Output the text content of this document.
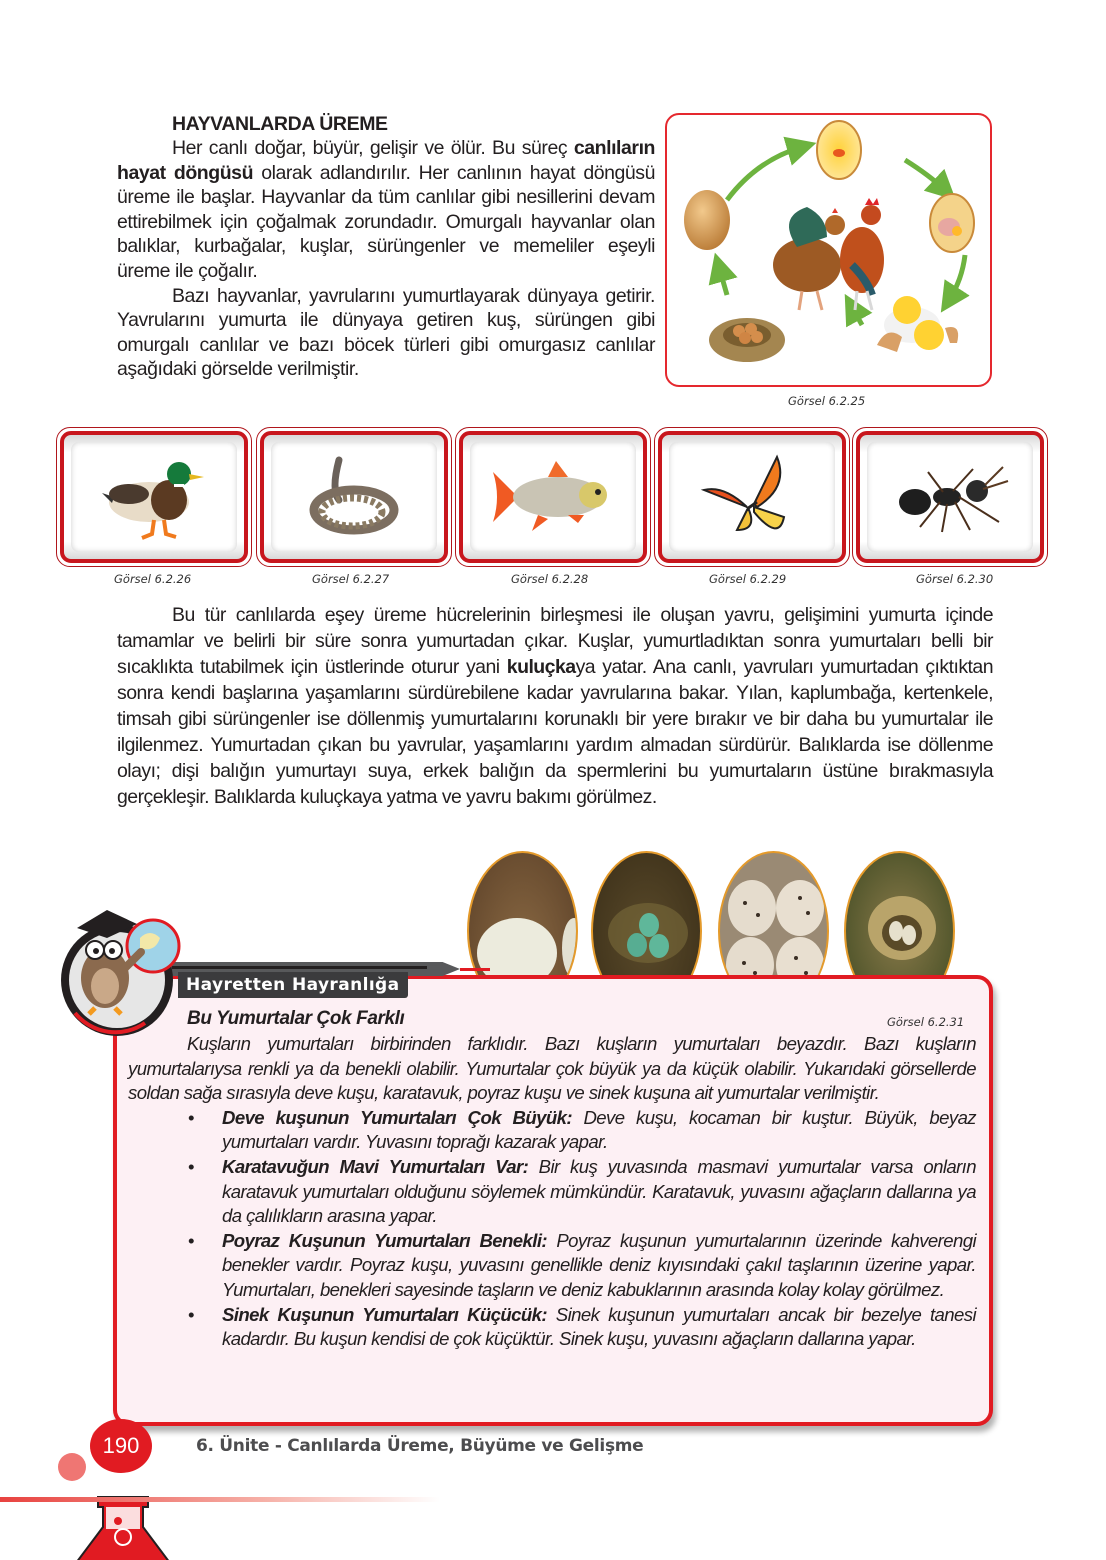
HAYVANLARDA ÜREME

Her canlı doğar, büyür, gelişir ve ölür. Bu süreç canlıların hayat döngüsü olarak adlandırılır. Her canlının hayat döngüsü üreme ile başlar. Hayvanlar da tüm canlılar gibi nesillerini devam ettirebilmek için çoğalmak zorundadır. Omurgalı hayvanlar olan balıklar, kurbağalar, kuşlar, sürüngenler ve memeliler eşeyli üreme ile çoğalır.

Bazı hayvanlar, yavrularını yumurtlayarak dünyaya getirir. Yavrularını yumurta ile dünyaya getiren kuş, sürüngen gibi omurgalı canlılar ve bazı böcek türleri gibi omurgasız canlılar aşağıdaki görselde verilmiştir.

Görsel 6.2.25
Görsel 6.2.26	Görsel 6.2.27	Görsel 6.2.28	Görsel 6.2.29	Görsel 6.2.30

Bu tür canlılarda eşey üreme hücrelerinin birleşmesi ile oluşan yavru, gelişimini yumurta içinde tamamlar ve belirli bir süre sonra yumurtadan çıkar. Kuşlar, yumurtladıktan sonra yumurtaları belli bir sıcaklıkta tutabilmek için üstlerinde oturur yani kuluçkaya yatar. Ana canlı, yavruları yumurtadan çıktıktan sonra kendi başlarına yaşamlarını sürdürebilene kadar yavrularına bakar. Yılan, kaplumbağa, kertenkele, timsah gibi sürüngenler ise döllenmiş yumurtalarını korunaklı bir yere bırakır ve bir daha bu yumurtalar ile ilgilenmez. Yumurtadan çıkan bu yavrular, yaşamlarını yardım almadan sürdürür. Balıklarda ise döllenme olayı; dişi balığın yumurtayı suya, erkek balığın da spermlerini bu yumurtaların üstüne bırakmasıyla gerçekleşir. Balıklarda kuluçkaya yatma ve yavru bakımı görülmez.

Görsel 6.2.31
Hayretten Hayranlığa
Bu Yumurtalar Çok Farklı

Kuşların yumurtaları birbirinden farklıdır. Bazı kuşların yumurtaları beyazdır. Bazı kuşların yumurtalarıysa renkli ya da benekli olabilir. Yumurtalar çok büyük ya da küçük olabilir. Yukarıdaki görsellerde soldan sağa sırasıyla deve kuşu, karatavuk, poyraz kuşu ve sinek kuşuna ait yumurtalar verilmiştir.

• Deve kuşunun Yumurtaları Çok Büyük: Deve kuşu, kocaman bir kuştur. Büyük, beyaz yumurtaları vardır. Yuvasını toprağı kazarak yapar.
• Karatavuğun Mavi Yumurtaları Var: Bir kuş yuvasında masmavi yumurtalar varsa onların karatavuk yumurtaları olduğunu söylemek mümkündür. Karatavuk, yuvasını ağaçların dallarına ya da çalılıkların arasına yapar.
• Poyraz Kuşunun Yumurtaları Benekli: Poyraz kuşunun yumurtalarının üzerinde kahverengi benekler vardır. Poyraz kuşu, yuvasını genellikle deniz kıyısındaki çakıl taşlarının üzerine yapar. Yumurtaları, benekleri sayesinde taşların ve deniz kabuklarının arasında kolay kolay görülmez.
• Sinek Kuşunun Yumurtaları Küçücük: Sinek kuşunun yumurtaları ancak bir bezelye tanesi kadardır. Bu kuşun kendisi de çok küçüktür. Sinek kuşu, yuvasını ağaçların dallarına yapar.
190	6. Ünite - Canlılarda Üreme, Büyüme ve Gelişme
